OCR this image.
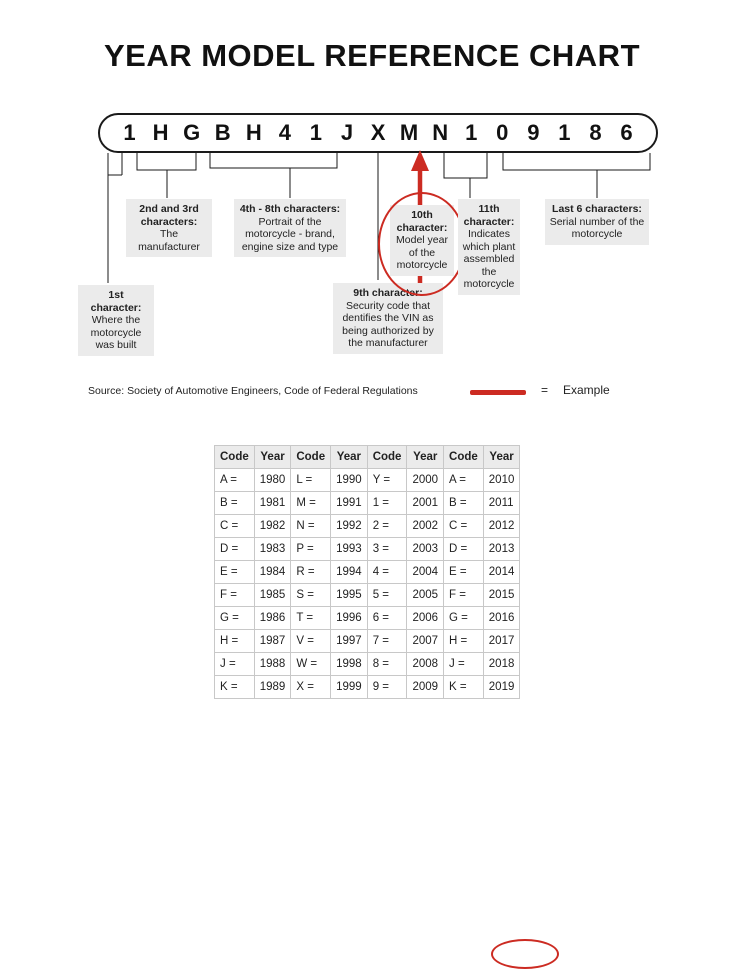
YEAR MODEL REFERENCE CHART
1 H G B H 4 1 J X M N 1 0 9 1 8 6
1st character:
Where the motorcycle was built
2nd and 3rd characters:
The manufacturer
4th - 8th characters:
Portrait of the motorcycle - brand, engine size and type
9th character: Security code that dentifies the VIN as being authorized by the manufacturer
10th character:
Model year of the motorcycle
11th character:
Indicates which plant assembled the motorcycle
Last 6 characters:
Serial number of the motorcycle
Source: Society of Automotive Engineers, Code of Federal Regulations	= Example
Code	Year	Code	Year	Code	Year	Code	Year
A =	1980	L =	1990	Y =	2000	A =	2010
B =	1981	M =	1991	1 =	2001	B =	2011
C =	1982	N =	1992	2 =	2002	C =	2012
D =	1983	P =	1993	3 =	2003	D =	2013
E =	1984	R =	1994	4 =	2004	E =	2014
F =	1985	S =	1995	5 =	2005	F =	2015
G =	1986	T =	1996	6 =	2006	G =	2016
H =	1987	V =	1997	7 =	2007	H =	2017
J =	1988	W =	1998	8 =	2008	J =	2018
K =	1989	X =	1999	9 =	2009	K =	2019
